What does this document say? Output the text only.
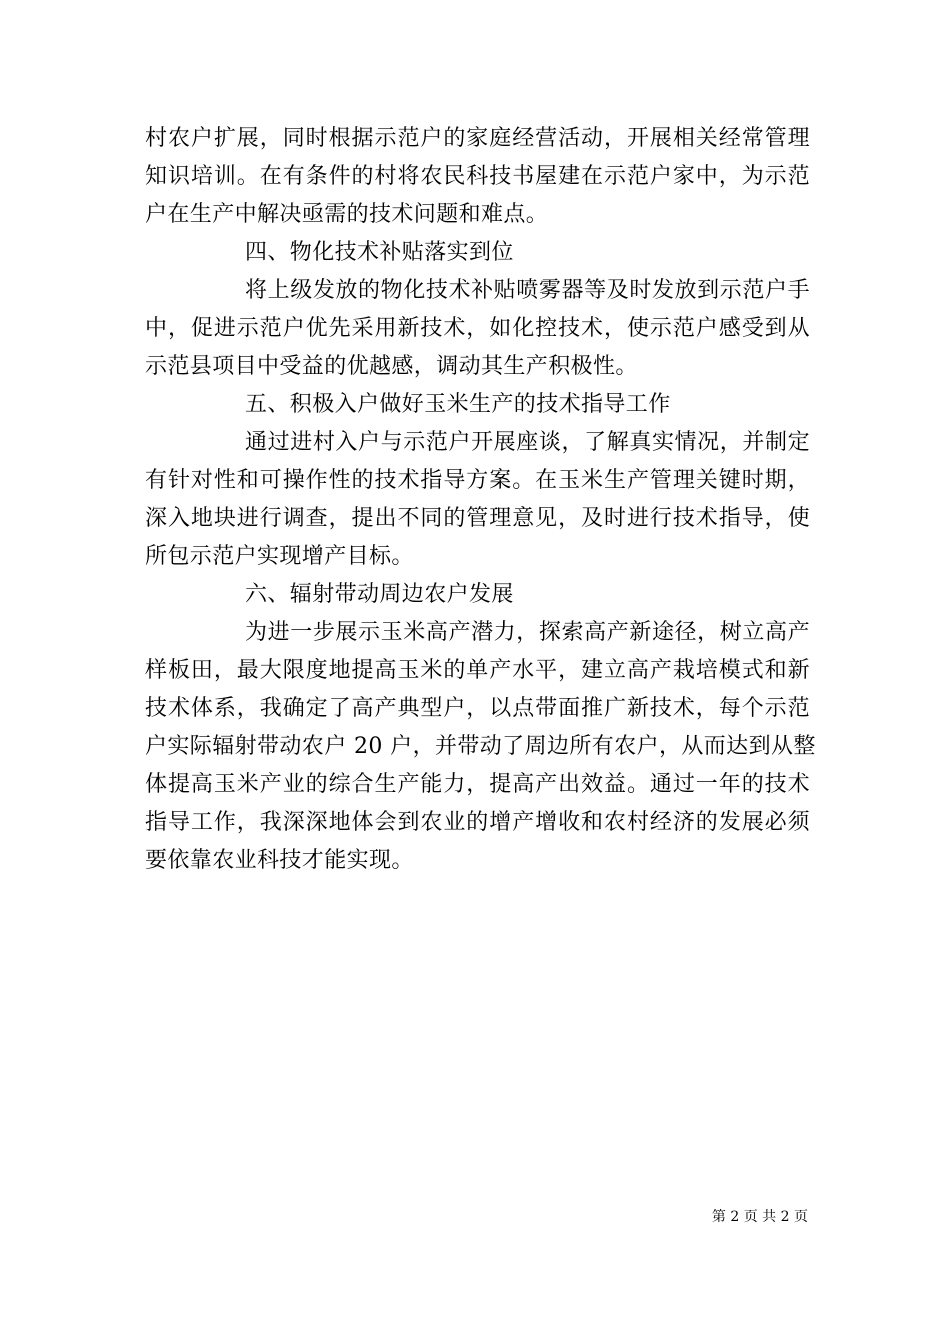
村农户扩展，同时根据示范户的家庭经营活动，开展相关经常管理
知识培训。在有条件的村将农民科技书屋建在示范户家中，为示范
户在生产中解决亟需的技术问题和难点。
四、物化技术补贴落实到位
将上级发放的物化技术补贴喷雾器等及时发放到示范户手
中，促进示范户优先采用新技术，如化控技术，使示范户感受到从
示范县项目中受益的优越感，调动其生产积极性。
五、积极入户做好玉米生产的技术指导工作
通过进村入户与示范户开展座谈，了解真实情况，并制定
有针对性和可操作性的技术指导方案。在玉米生产管理关键时期，
深入地块进行调查，提出不同的管理意见，及时进行技术指导，使
所包示范户实现增产目标。
六、辐射带动周边农户发展
为进一步展示玉米高产潜力，探索高产新途径，树立高产
样板田，最大限度地提高玉米的单产水平，建立高产栽培模式和新
技术体系，我确定了高产典型户，以点带面推广新技术，每个示范
户实际辐射带动农户 20 户，并带动了周边所有农户，从而达到从整
体提高玉米产业的综合生产能力，提高产出效益。通过一年的技术
指导工作，我深深地体会到农业的增产增收和农村经济的发展必须
要依靠农业科技才能实现。
第 2 页 共 2 页
